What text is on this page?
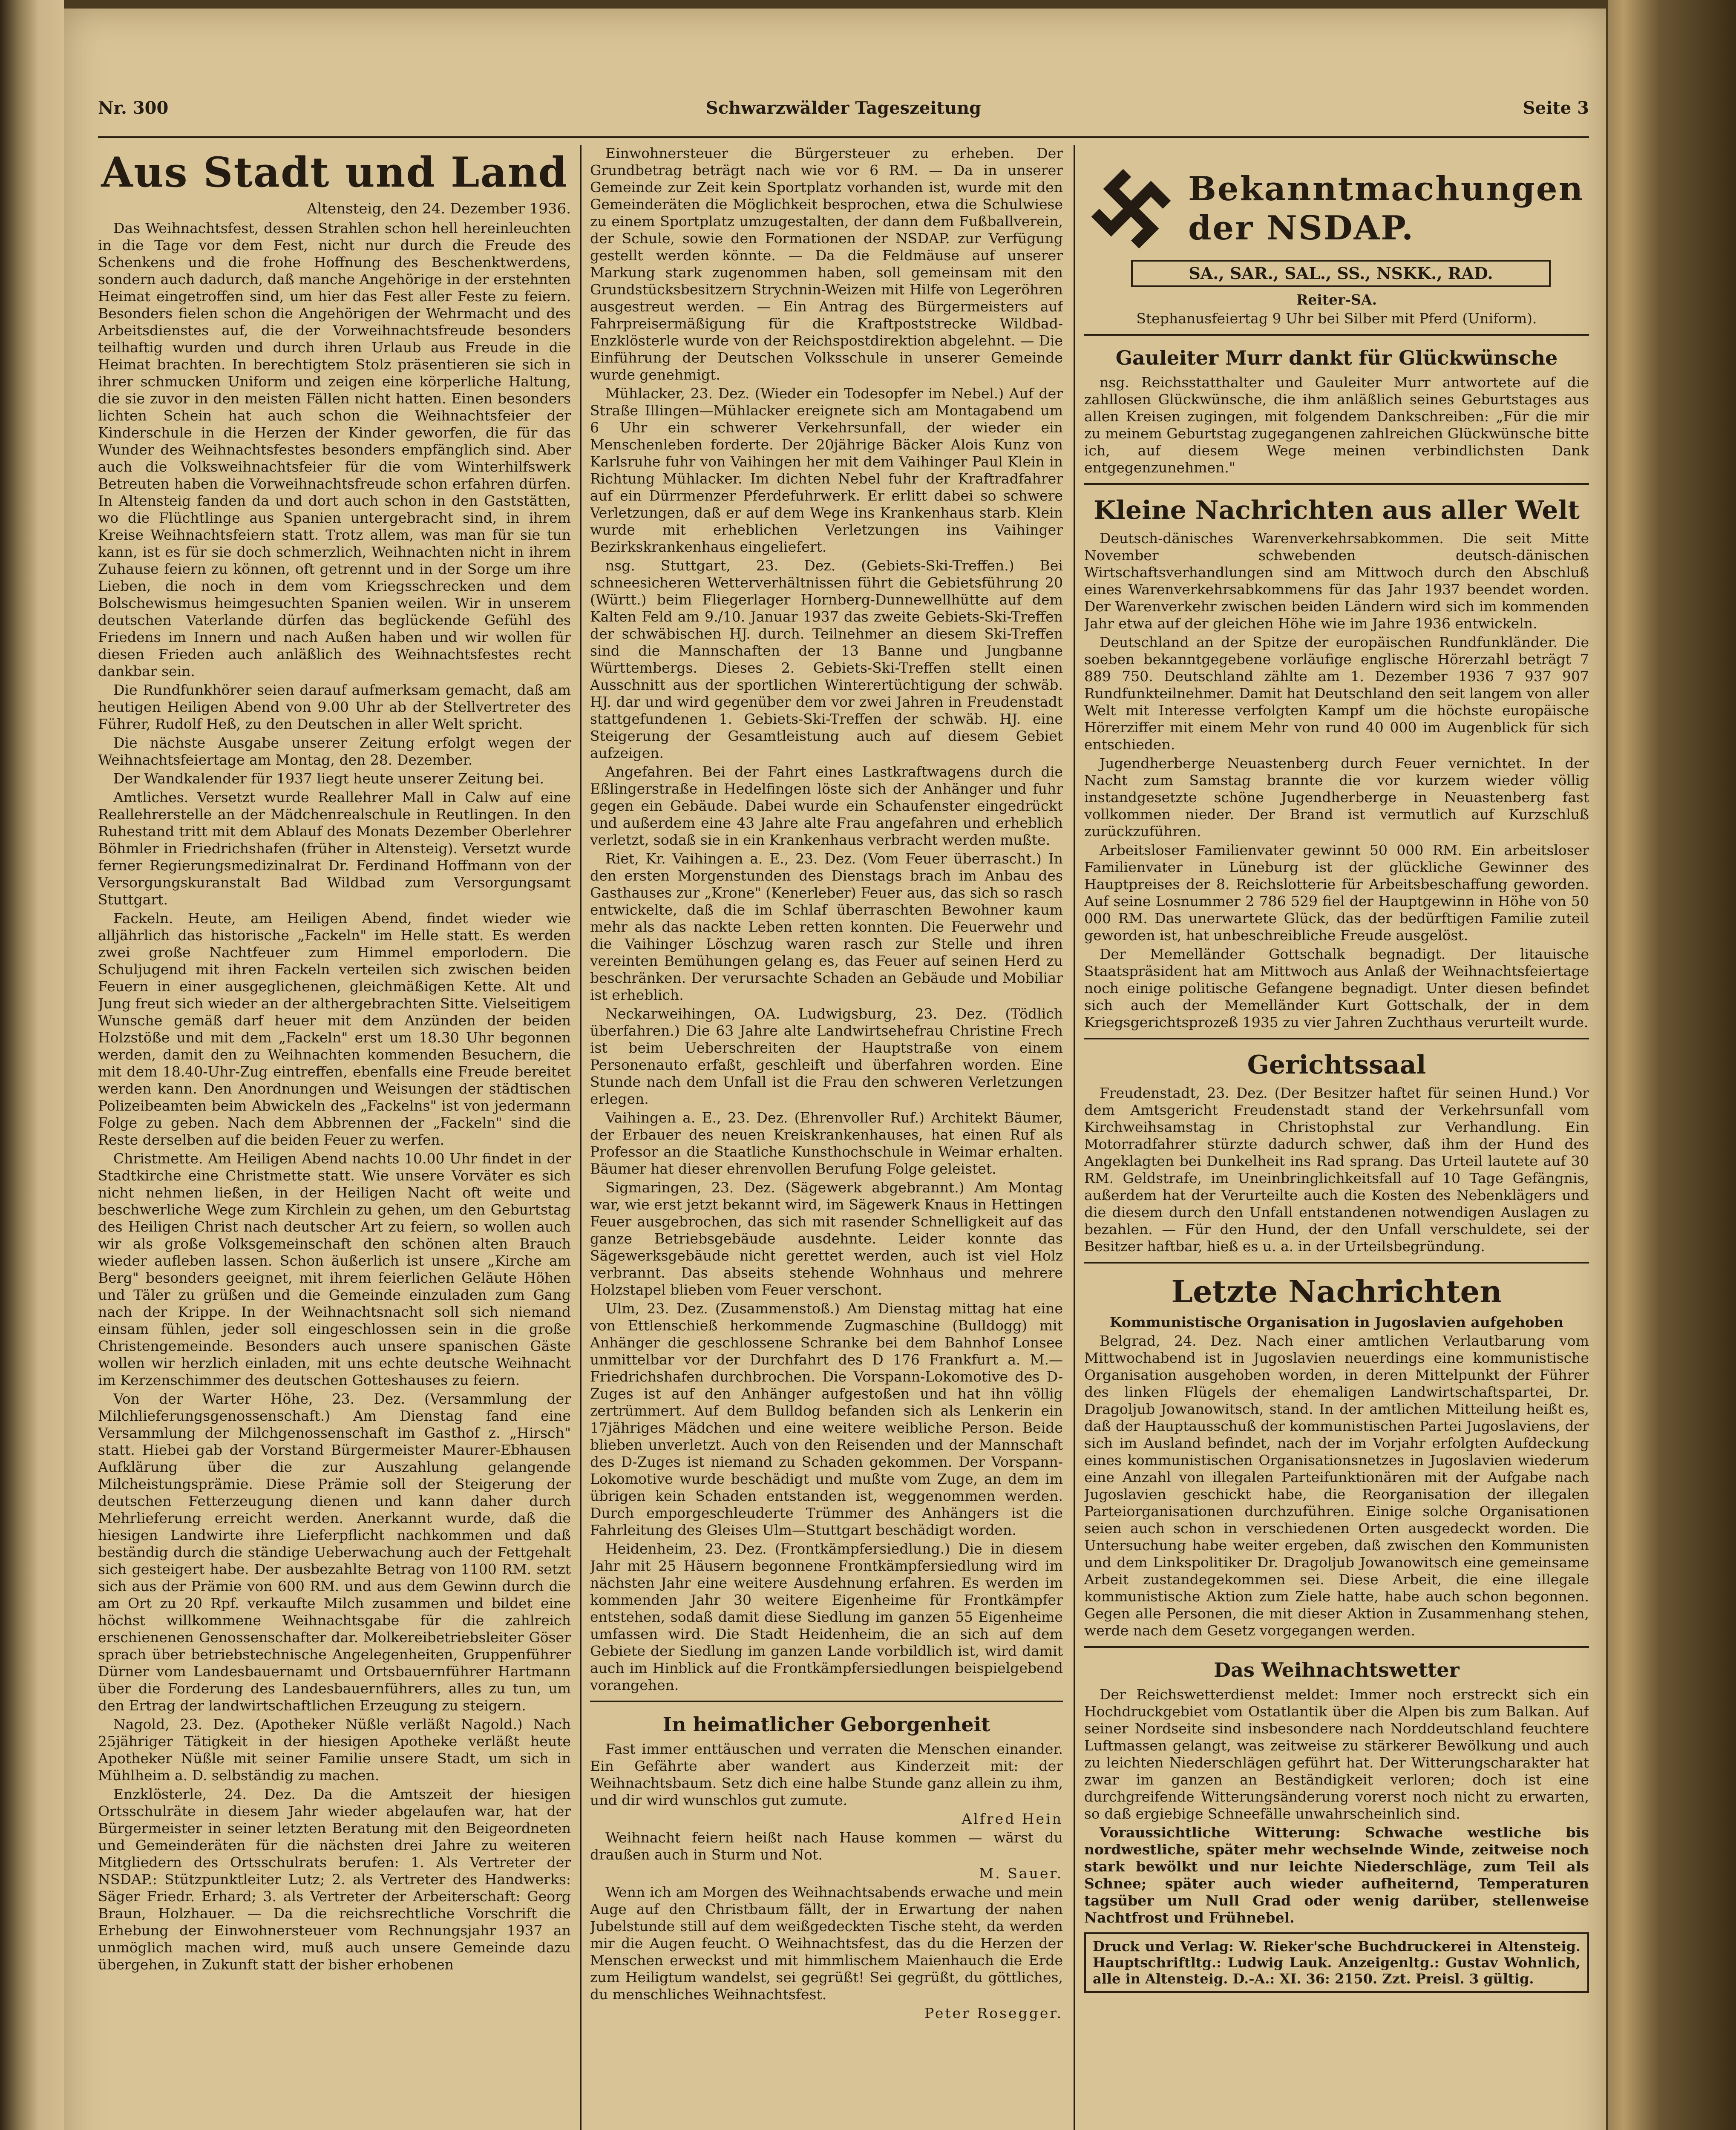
Nr. 300	Schwarzwälder Tageszeitung	Seite 3
Aus Stadt und Land
Altensteig, den 24. Dezember 1936.

Das Weihnachtsfest, dessen Strahlen schon hell hereinleuchten in die Tage vor dem Fest, nicht nur durch die Freude des Schenkens und die frohe Hoffnung des Beschenktwerdens, sondern auch dadurch, daß manche Angehörige in der erstehnten Heimat eingetroffen sind, um hier das Fest aller Feste zu feiern. Besonders fielen schon die Angehörigen der Wehrmacht und des Arbeitsdienstes auf, die der Vorweihnachtsfreude besonders teilhaftig wurden und durch ihren Urlaub aus Freude in die Heimat brachten. In berechtigtem Stolz präsentieren sie sich in ihrer schmucken Uniform und zeigen eine körperliche Haltung, die sie zuvor in den meisten Fällen nicht hatten. Einen besonders lichten Schein hat auch schon die Weihnachtsfeier der Kinderschule in die Herzen der Kinder geworfen, die für das Wunder des Weihnachtsfestes besonders empfänglich sind. Aber auch die Volksweihnachtsfeier für die vom Winterhilfswerk Betreuten haben die Vorweihnachtsfreude schon erfahren dürfen. In Altensteig fanden da und dort auch schon in den Gaststätten, wo die Flüchtlinge aus Spanien untergebracht sind, in ihrem Kreise Weihnachtsfeiern statt. Trotz allem, was man für sie tun kann, ist es für sie doch schmerzlich, Weihnachten nicht in ihrem Zuhause feiern zu können, oft getrennt und in der Sorge um ihre Lieben, die noch in dem vom Kriegsschrecken und dem Bolschewismus heimgesuchten Spanien weilen. Wir in unserem deutschen Vaterlande dürfen das beglückende Gefühl des Friedens im Innern und nach Außen haben und wir wollen für diesen Frieden auch anläßlich des Weihnachtsfestes recht dankbar sein.

Die Rundfunkhörer seien darauf aufmerksam gemacht, daß am heutigen Heiligen Abend von 9.00 Uhr ab der Stellvertreter des Führer, Rudolf Heß, zu den Deutschen in aller Welt spricht.

Die nächste Ausgabe unserer Zeitung erfolgt wegen der Weihnachtsfeiertage am Montag, den 28. Dezember.

Der Wandkalender für 1937 liegt heute unserer Zeitung bei.

Amtliches. Versetzt wurde Reallehrer Mall in Calw auf eine Reallehrerstelle an der Mädchenrealschule in Reutlingen. In den Ruhestand tritt mit dem Ablauf des Monats Dezember Oberlehrer Böhmler in Friedrichshafen (früher in Altensteig). Versetzt wurde ferner Regierungsmedizinalrat Dr. Ferdinand Hoffmann von der Versorgungskuranstalt Bad Wildbad zum Versorgungsamt Stuttgart.

Fackeln. Heute, am Heiligen Abend, findet wieder wie alljährlich das historische „Fackeln" im Helle statt. Es werden zwei große Nachtfeuer zum Himmel emporlodern. Die Schuljugend mit ihren Fackeln verteilen sich zwischen beiden Feuern in einer ausgeglichenen, gleichmäßigen Kette. Alt und Jung freut sich wieder an der althergebrachten Sitte. Vielseitigem Wunsche gemäß darf heuer mit dem Anzünden der beiden Holzstöße und mit dem „Fackeln" erst um 18.30 Uhr begonnen werden, damit den zu Weihnachten kommenden Besuchern, die mit dem 18.40-Uhr-Zug eintreffen, ebenfalls eine Freude bereitet werden kann. Den Anordnungen und Weisungen der städtischen Polizeibeamten beim Abwickeln des „Fackelns" ist von jedermann Folge zu geben. Nach dem Abbrennen der „Fackeln" sind die Reste derselben auf die beiden Feuer zu werfen.

Christmette. Am Heiligen Abend nachts 10.00 Uhr findet in der Stadtkirche eine Christmette statt. Wie unsere Vorväter es sich nicht nehmen ließen, in der Heiligen Nacht oft weite und beschwerliche Wege zum Kirchlein zu gehen, um den Geburtstag des Heiligen Christ nach deutscher Art zu feiern, so wollen auch wir als große Volksgemeinschaft den schönen alten Brauch wieder aufleben lassen. Schon äußerlich ist unsere „Kirche am Berg" besonders geeignet, mit ihrem feierlichen Geläute Höhen und Täler zu grüßen und die Gemeinde einzuladen zum Gang nach der Krippe. In der Weihnachtsnacht soll sich niemand einsam fühlen, jeder soll eingeschlossen sein in die große Christengemeinde. Besonders auch unsere spanischen Gäste wollen wir herzlich einladen, mit uns echte deutsche Weihnacht im Kerzenschimmer des deutschen Gotteshauses zu feiern.

Von der Warter Höhe, 23. Dez. (Versammlung der Milchlieferungsgenossenschaft.) Am Dienstag fand eine Versammlung der Milchgenossenschaft im Gasthof z. „Hirsch" statt. Hiebei gab der Vorstand Bürgermeister Maurer-Ebhausen Aufklärung über die zur Auszahlung gelangende Milcheistungsprämie. Diese Prämie soll der Steigerung der deutschen Fetterzeugung dienen und kann daher durch Mehrlieferung erreicht werden. Anerkannt wurde, daß die hiesigen Landwirte ihre Lieferpflicht nachkommen und daß beständig durch die ständige Ueberwachung auch der Fettgehalt sich gesteigert habe. Der ausbezahlte Betrag von 1100 RM. setzt sich aus der Prämie von 600 RM. und aus dem Gewinn durch die am Ort zu 20 Rpf. verkaufte Milch zusammen und bildet eine höchst willkommene Weihnachtsgabe für die zahlreich erschienenen Genossenschafter dar. Molkereibetriebsleiter Göser sprach über betriebstechnische Angelegenheiten, Gruppenführer Dürner vom Landesbauernamt und Ortsbauernführer Hartmann über die Forderung des Landesbauernführers, alles zu tun, um den Ertrag der landwirtschaftlichen Erzeugung zu steigern.

Nagold, 23. Dez. (Apotheker Nüßle verläßt Nagold.) Nach 25jähriger Tätigkeit in der hiesigen Apotheke verläßt heute Apotheker Nüßle mit seiner Familie unsere Stadt, um sich in Mühlheim a. D. selbständig zu machen.

Enzklösterle, 24. Dez. Da die Amtszeit der hiesigen Ortsschulräte in diesem Jahr wieder abgelaufen war, hat der Bürgermeister in seiner letzten Beratung mit den Beigeordneten und Gemeinderäten für die nächsten drei Jahre zu weiteren Mitgliedern des Ortsschulrats berufen: 1. Als Vertreter der NSDAP.: Stützpunktleiter Lutz; 2. als Vertreter des Handwerks: Säger Friedr. Erhard; 3. als Vertreter der Arbeiterschaft: Georg Braun, Holzhauer. — Da die reichsrechtliche Vorschrift die Erhebung der Einwohnersteuer vom Rechnungsjahr 1937 an unmöglich machen wird, muß auch unsere Gemeinde dazu übergehen, in Zukunft statt der bisher erhobenen

Einwohnersteuer die Bürgersteuer zu erheben. Der Grundbetrag beträgt nach wie vor 6 RM. — Da in unserer Gemeinde zur Zeit kein Sportplatz vorhanden ist, wurde mit den Gemeinderäten die Möglichkeit besprochen, etwa die Schulwiese zu einem Sportplatz umzugestalten, der dann dem Fußballverein, der Schule, sowie den Formationen der NSDAP. zur Verfügung gestellt werden könnte. — Da die Feldmäuse auf unserer Markung stark zugenommen haben, soll gemeinsam mit den Grundstücksbesitzern Strychnin-Weizen mit Hilfe von Legeröhren ausgestreut werden. — Ein Antrag des Bürgermeisters auf Fahrpreisermäßigung für die Kraftpoststrecke Wildbad-Enzklösterle wurde von der Reichspostdirektion abgelehnt. — Die Einführung der Deutschen Volksschule in unserer Gemeinde wurde genehmigt.

Mühlacker, 23. Dez. (Wieder ein Todesopfer im Nebel.) Auf der Straße Illingen—Mühlacker ereignete sich am Montagabend um 6 Uhr ein schwerer Verkehrsunfall, der wieder ein Menschenleben forderte. Der 20jährige Bäcker Alois Kunz von Karlsruhe fuhr von Vaihingen her mit dem Vaihinger Paul Klein in Richtung Mühlacker. Im dichten Nebel fuhr der Kraftradfahrer auf ein Dürrmenzer Pferdefuhrwerk. Er erlitt dabei so schwere Verletzungen, daß er auf dem Wege ins Krankenhaus starb. Klein wurde mit erheblichen Verletzungen ins Vaihinger Bezirkskrankenhaus eingeliefert.

nsg. Stuttgart, 23. Dez. (Gebiets-Ski-Treffen.) Bei schneesicheren Wetterverhältnissen führt die Gebietsführung 20 (Württ.) beim Fliegerlager Hornberg-Dunnewellhütte auf dem Kalten Feld am 9./10. Januar 1937 das zweite Gebiets-Ski-Treffen der schwäbischen HJ. durch. Teilnehmer an diesem Ski-Treffen sind die Mannschaften der 13 Banne und Jungbanne Württembergs. Dieses 2. Gebiets-Ski-Treffen stellt einen Ausschnitt aus der sportlichen Winterertüchtigung der schwäb. HJ. dar und wird gegenüber dem vor zwei Jahren in Freudenstadt stattgefundenen 1. Gebiets-Ski-Treffen der schwäb. HJ. eine Steigerung der Gesamtleistung auch auf diesem Gebiet aufzeigen.

Angefahren. Bei der Fahrt eines Lastkraftwagens durch die Eßlingerstraße in Hedelfingen löste sich der Anhänger und fuhr gegen ein Gebäude. Dabei wurde ein Schaufenster eingedrückt und außerdem eine 43 Jahre alte Frau angefahren und erheblich verletzt, sodaß sie in ein Krankenhaus verbracht werden mußte.

Riet, Kr. Vaihingen a. E., 23. Dez. (Vom Feuer überrascht.) In den ersten Morgenstunden des Dienstags brach im Anbau des Gasthauses zur „Krone" (Kenerleber) Feuer aus, das sich so rasch entwickelte, daß die im Schlaf überraschten Bewohner kaum mehr als das nackte Leben retten konnten. Die Feuerwehr und die Vaihinger Löschzug waren rasch zur Stelle und ihren vereinten Bemühungen gelang es, das Feuer auf seinen Herd zu beschränken. Der verursachte Schaden an Gebäude und Mobiliar ist erheblich.

Neckarweihingen, OA. Ludwigsburg, 23. Dez. (Tödlich überfahren.) Die 63 Jahre alte Landwirtsehefrau Christine Frech ist beim Ueberschreiten der Hauptstraße von einem Personenauto erfaßt, geschleift und überfahren worden. Eine Stunde nach dem Unfall ist die Frau den schweren Verletzungen erlegen.

Vaihingen a. E., 23. Dez. (Ehrenvoller Ruf.) Architekt Bäumer, der Erbauer des neuen Kreiskrankenhauses, hat einen Ruf als Professor an die Staatliche Kunsthochschule in Weimar erhalten. Bäumer hat dieser ehrenvollen Berufung Folge geleistet.

Sigmaringen, 23. Dez. (Sägewerk abgebrannt.) Am Montag war, wie erst jetzt bekannt wird, im Sägewerk Knaus in Hettingen Feuer ausgebrochen, das sich mit rasender Schnelligkeit auf das ganze Betriebsgebäude ausdehnte. Leider konnte das Sägewerksgebäude nicht gerettet werden, auch ist viel Holz verbrannt. Das abseits stehende Wohnhaus und mehrere Holzstapel blieben vom Feuer verschont.

Ulm, 23. Dez. (Zusammenstoß.) Am Dienstag mittag hat eine von Ettlenschieß herkommende Zugmaschine (Bulldogg) mit Anhänger die geschlossene Schranke bei dem Bahnhof Lonsee unmittelbar vor der Durchfahrt des D 176 Frankfurt a. M.—Friedrichshafen durchbrochen. Die Vorspann-Lokomotive des D-Zuges ist auf den Anhänger aufgestoßen und hat ihn völlig zertrümmert. Auf dem Bulldog befanden sich als Lenkerin ein 17jähriges Mädchen und eine weitere weibliche Person. Beide blieben unverletzt. Auch von den Reisenden und der Mannschaft des D-Zuges ist niemand zu Schaden gekommen. Der Vorspann-Lokomotive wurde beschädigt und mußte vom Zuge, an dem im übrigen kein Schaden entstanden ist, weggenommen werden. Durch emporgeschleuderte Trümmer des Anhängers ist die Fahrleitung des Gleises Ulm—Stuttgart beschädigt worden.

Heidenheim, 23. Dez. (Frontkämpfersiedlung.) Die in diesem Jahr mit 25 Häusern begonnene Frontkämpfersiedlung wird im nächsten Jahr eine weitere Ausdehnung erfahren. Es werden im kommenden Jahr 30 weitere Eigenheime für Frontkämpfer entstehen, sodaß damit diese Siedlung im ganzen 55 Eigenheime umfassen wird. Die Stadt Heidenheim, die an sich auf dem Gebiete der Siedlung im ganzen Lande vorbildlich ist, wird damit auch im Hinblick auf die Frontkämpfersiedlungen beispielgebend vorangehen.

In heimatlicher Geborgenheit

Fast immer enttäuschen und verraten die Menschen einander. Ein Gefährte aber wandert aus Kinderzeit mit: der Weihnachtsbaum. Setz dich eine halbe Stunde ganz allein zu ihm, und dir wird wunschlos gut zumute.

Alfred Hein

Weihnacht feiern heißt nach Hause kommen — wärst du draußen auch in Sturm und Not.

M. Sauer.

Wenn ich am Morgen des Weihnachtsabends erwache und mein Auge auf den Christbaum fällt, der in Erwartung der nahen Jubelstunde still auf dem weißgedeckten Tische steht, da werden mir die Augen feucht. O Weihnachtsfest, das du die Herzen der Menschen erweckst und mit himmlischem Maienhauch die Erde zum Heiligtum wandelst, sei gegrüßt! Sei gegrüßt, du göttliches, du menschliches Weihnachtsfest.

Peter Rosegger.

Bekanntmachungen der NSDAP.
SA., SAR., SAL., SS., NSKK., RAD.

Reiter-SA.

Stephanusfeiertag 9 Uhr bei Silber mit Pferd (Uniform).

Gauleiter Murr dankt für Glückwünsche

nsg. Reichsstatthalter und Gauleiter Murr antwortete auf die zahllosen Glückwünsche, die ihm anläßlich seines Geburtstages aus allen Kreisen zugingen, mit folgendem Dankschreiben: „Für die mir zu meinem Geburtstag zugegangenen zahlreichen Glückwünsche bitte ich, auf diesem Wege meinen verbindlichsten Dank entgegenzunehmen."

Kleine Nachrichten aus aller Welt

Deutsch-dänisches Warenverkehrsabkommen. Die seit Mitte November schwebenden deutsch-dänischen Wirtschaftsverhandlungen sind am Mittwoch durch den Abschluß eines Warenverkehrsabkommens für das Jahr 1937 beendet worden. Der Warenverkehr zwischen beiden Ländern wird sich im kommenden Jahr etwa auf der gleichen Höhe wie im Jahre 1936 entwickeln.

Deutschland an der Spitze der europäischen Rundfunkländer. Die soeben bekanntgegebene vorläufige englische Hörerzahl beträgt 7 889 750. Deutschland zählte am 1. Dezember 1936 7 937 907 Rundfunkteilnehmer. Damit hat Deutschland den seit langem von aller Welt mit Interesse verfolgten Kampf um die höchste europäische Hörerziffer mit einem Mehr von rund 40 000 im Augenblick für sich entschieden.

Jugendherberge Neuastenberg durch Feuer vernichtet. In der Nacht zum Samstag brannte die vor kurzem wieder völlig instandgesetzte schöne Jugendherberge in Neuastenberg fast vollkommen nieder. Der Brand ist vermutlich auf Kurzschluß zurückzuführen.

Arbeitsloser Familienvater gewinnt 50 000 RM. Ein arbeitsloser Familienvater in Lüneburg ist der glückliche Gewinner des Hauptpreises der 8. Reichslotterie für Arbeitsbeschaffung geworden. Auf seine Losnummer 2 786 529 fiel der Hauptgewinn in Höhe von 50 000 RM. Das unerwartete Glück, das der bedürftigen Familie zuteil geworden ist, hat unbeschreibliche Freude ausgelöst.

Der Memelländer Gottschalk begnadigt. Der litauische Staatspräsident hat am Mittwoch aus Anlaß der Weihnachtsfeiertage noch einige politische Gefangene begnadigt. Unter diesen befindet sich auch der Memelländer Kurt Gottschalk, der in dem Kriegsgerichtsprozeß 1935 zu vier Jahren Zuchthaus verurteilt wurde.

Gerichtssaal

Freudenstadt, 23. Dez. (Der Besitzer haftet für seinen Hund.) Vor dem Amtsgericht Freudenstadt stand der Verkehrsunfall vom Kirchweihsamstag in Christophstal zur Verhandlung. Ein Motorradfahrer stürzte dadurch schwer, daß ihm der Hund des Angeklagten bei Dunkelheit ins Rad sprang. Das Urteil lautete auf 30 RM. Geldstrafe, im Uneinbringlichkeitsfall auf 10 Tage Gefängnis, außerdem hat der Verurteilte auch die Kosten des Nebenklägers und die diesem durch den Unfall entstandenen notwendigen Auslagen zu bezahlen. — Für den Hund, der den Unfall verschuldete, sei der Besitzer haftbar, hieß es u. a. in der Urteilsbegründung.

Letzte Nachrichten

Kommunistische Organisation in Jugoslavien aufgehoben

Belgrad, 24. Dez. Nach einer amtlichen Verlautbarung vom Mittwochabend ist in Jugoslavien neuerdings eine kommunistische Organisation ausgehoben worden, in deren Mittelpunkt der Führer des linken Flügels der ehemaligen Landwirtschaftspartei, Dr. Dragoljub Jowanowitsch, stand. In der amtlichen Mitteilung heißt es, daß der Hauptausschuß der kommunistischen Partei Jugoslaviens, der sich im Ausland befindet, nach der im Vorjahr erfolgten Aufdeckung eines kommunistischen Organisationsnetzes in Jugoslavien wiederum eine Anzahl von illegalen Parteifunktionären mit der Aufgabe nach Jugoslavien geschickt habe, die Reorganisation der illegalen Parteiorganisationen durchzuführen. Einige solche Organisationen seien auch schon in verschiedenen Orten ausgedeckt worden. Die Untersuchung habe weiter ergeben, daß zwischen den Kommunisten und dem Linkspolitiker Dr. Dragoljub Jowanowitsch eine gemeinsame Arbeit zustandegekommen sei. Diese Arbeit, die eine illegale kommunistische Aktion zum Ziele hatte, habe auch schon begonnen. Gegen alle Personen, die mit dieser Aktion in Zusammenhang stehen, werde nach dem Gesetz vorgegangen werden.

Das Weihnachtswetter

Der Reichswetterdienst meldet: Immer noch erstreckt sich ein Hochdruckgebiet vom Ostatlantik über die Alpen bis zum Balkan. Auf seiner Nordseite sind insbesondere nach Norddeutschland feuchtere Luftmassen gelangt, was zeitweise zu stärkerer Bewölkung und auch zu leichten Niederschlägen geführt hat. Der Witterungscharakter hat zwar im ganzen an Beständigkeit verloren; doch ist eine durchgreifende Witterungsänderung vorerst noch nicht zu erwarten, so daß ergiebige Schneefälle unwahrscheinlich sind.

Voraussichtliche Witterung: Schwache westliche bis nordwestliche, später mehr wechselnde Winde, zeitweise noch stark bewölkt und nur leichte Niederschläge, zum Teil als Schnee; später auch wieder aufheiternd, Temperaturen tagsüber um Null Grad oder wenig darüber, stellenweise Nachtfrost und Frühnebel.

Druck und Verlag: W. Rieker'sche Buchdruckerei in Altensteig. Hauptschriftltg.: Ludwig Lauk. Anzeigenltg.: Gustav Wohnlich, alle in Altensteig. D.-A.: XI. 36: 2150. Zzt. Preisl. 3 gültig.
